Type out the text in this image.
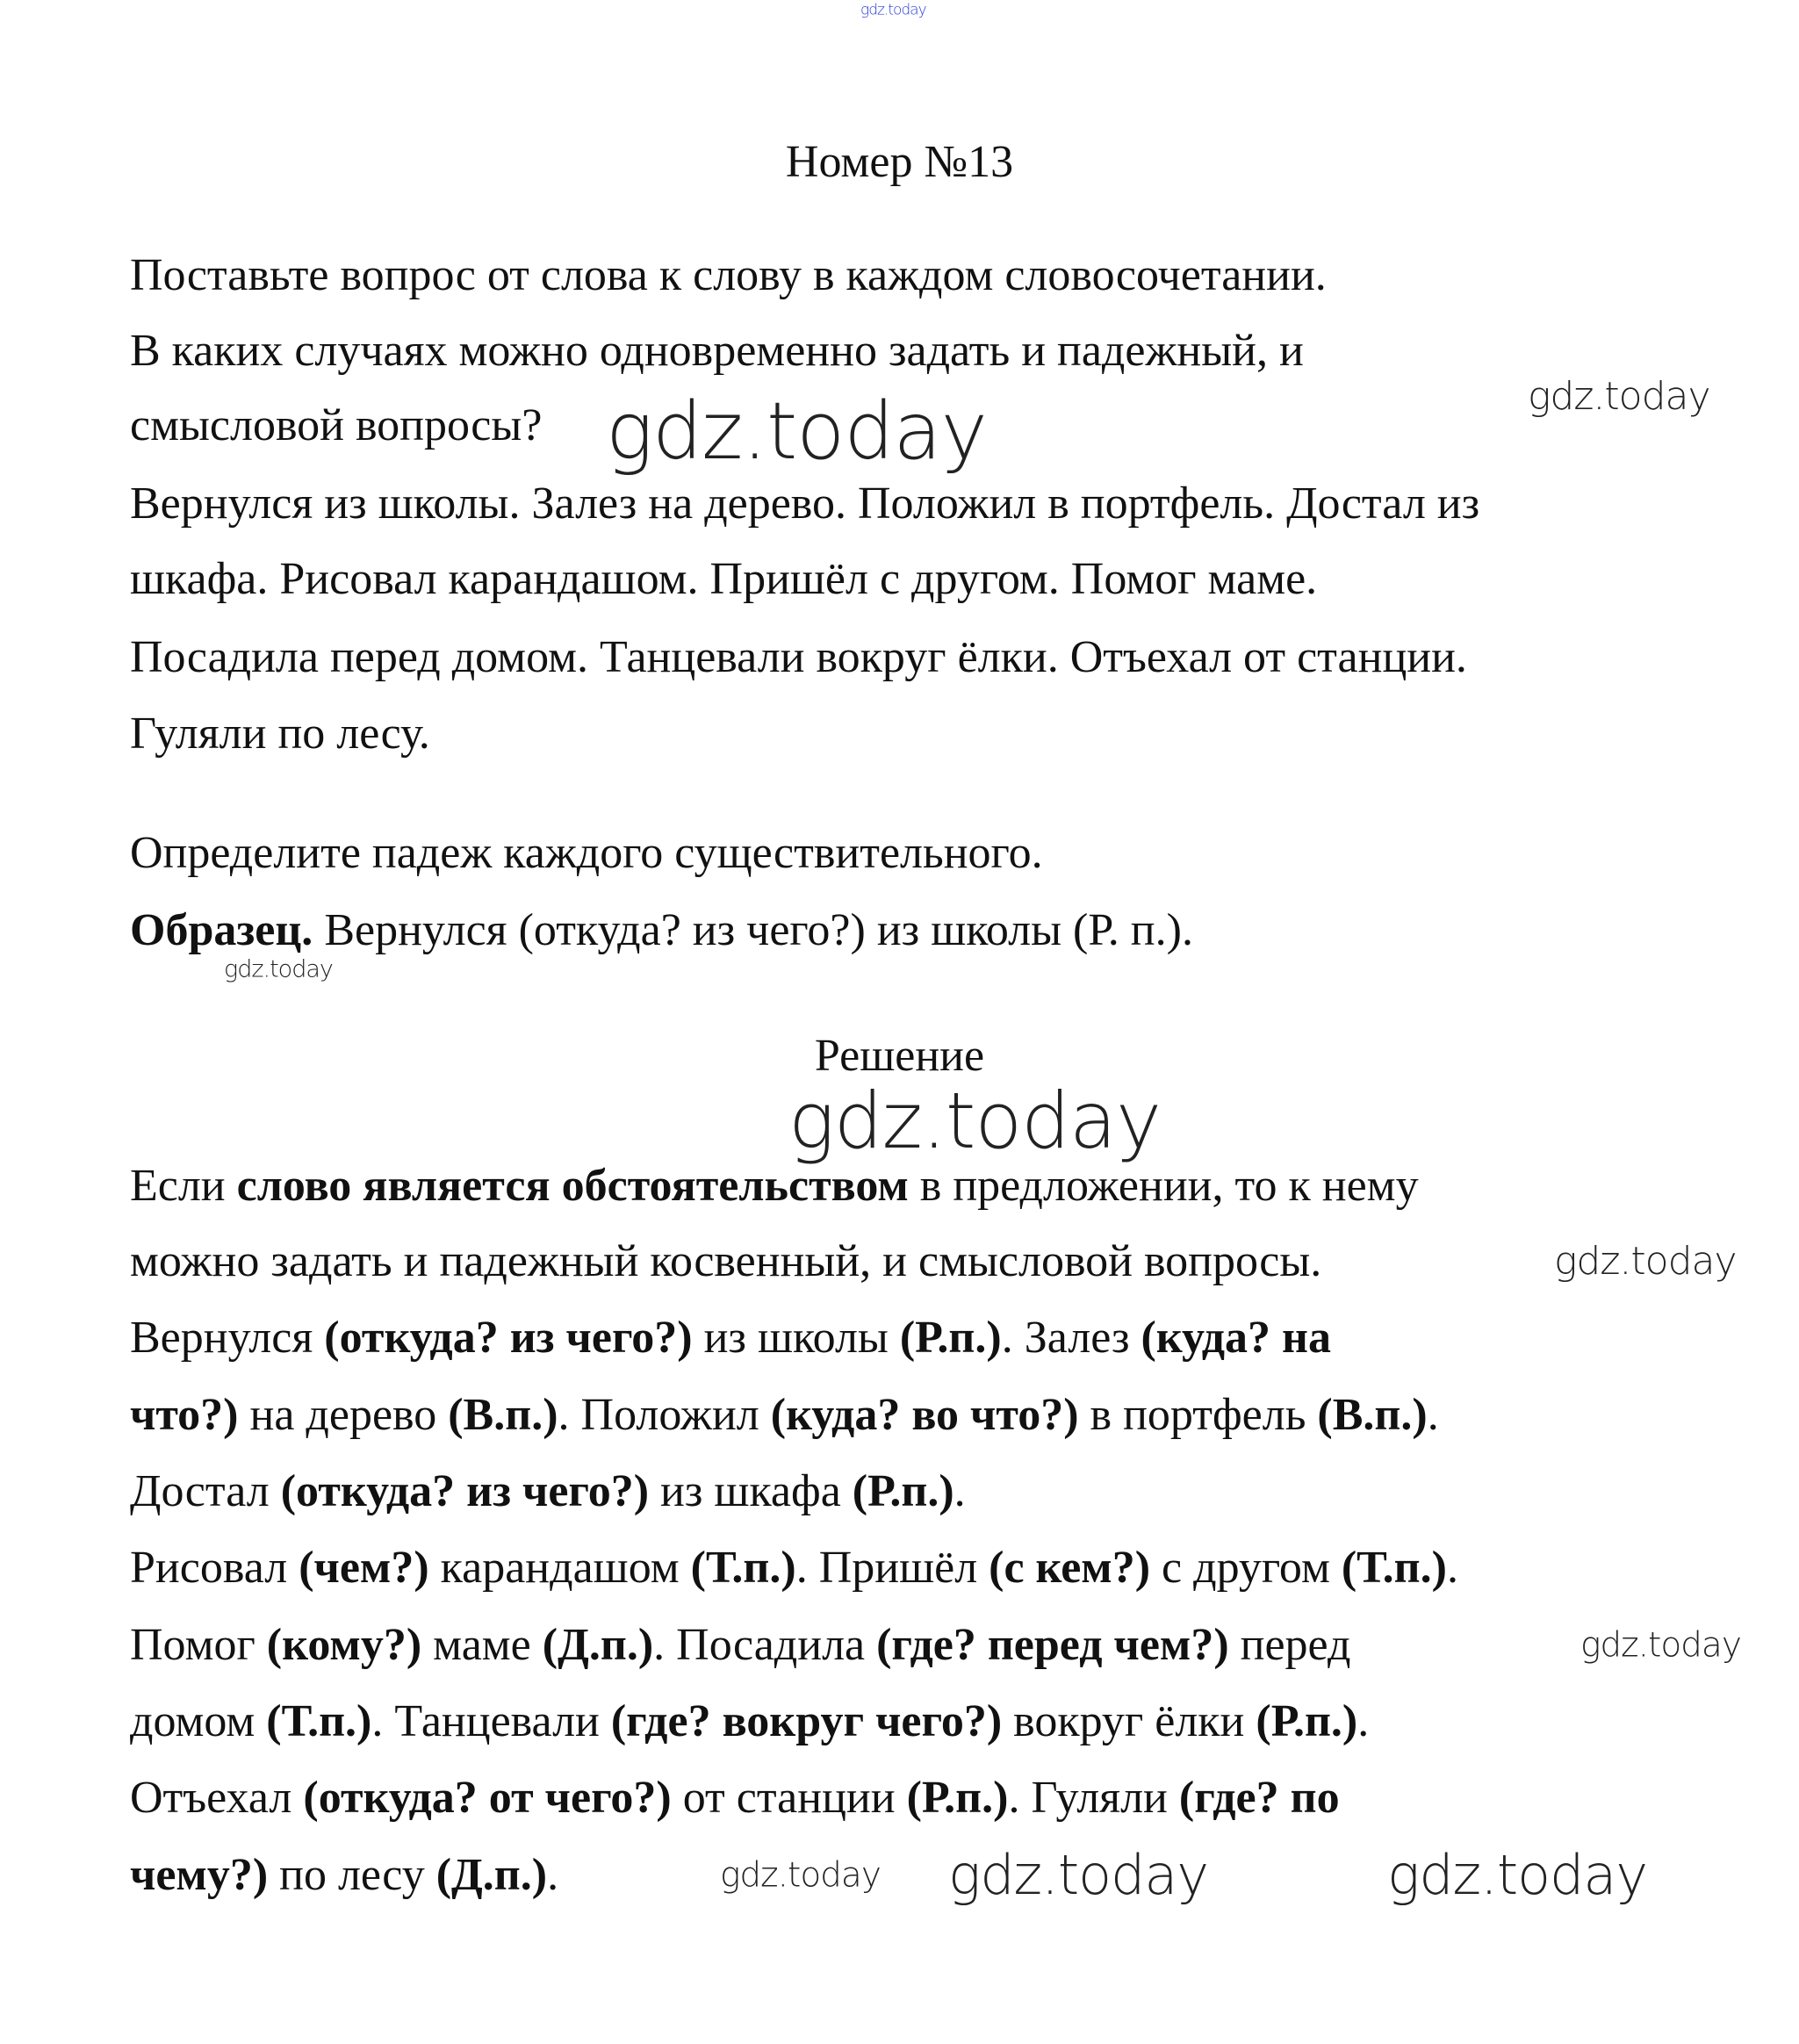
gdz.today
Номер №13
Поставьте вопрос от слова к слову в каждом словосочетании.
В каких случаях можно одновременно задать и падежный, и
смысловой вопросы?
Вернулся из школы. Залез на дерево. Положил в портфель. Достал из
шкафа. Рисовал карандашом. Пришёл с другом. Помог маме.
Посадила перед домом. Танцевали вокруг ёлки. Отъехал от станции.
Гуляли по лесу.
Определите падеж каждого существительного.
Образец. Вернулся (откуда? из чего?) из школы (Р. п.).
Решение
Если слово является обстоятельством в предложении, то к нему
можно задать и падежный косвенный, и смысловой вопросы.
Вернулся (откуда? из чего?) из школы (Р.п.). Залез (куда? на
что?) на дерево (В.п.). Положил (куда? во что?) в портфель (В.п.).
Достал (откуда? из чего?) из шкафа (Р.п.).
Рисовал (чем?) карандашом (Т.п.). Пришёл (с кем?) с другом (Т.п.).
Помог (кому?) маме (Д.п.). Посадила (где? перед чем?) перед
домом (Т.п.). Танцевали (где? вокруг чего?) вокруг ёлки (Р.п.).
Отъехал (откуда? от чего?) от станции (Р.п.). Гуляли (где? по
чему?) по лесу (Д.п.).
gdz.today	gdz.today
gdz.today
gdz.today
gdz.today
gdz.today
gdz.today gdz.today	gdz.today
